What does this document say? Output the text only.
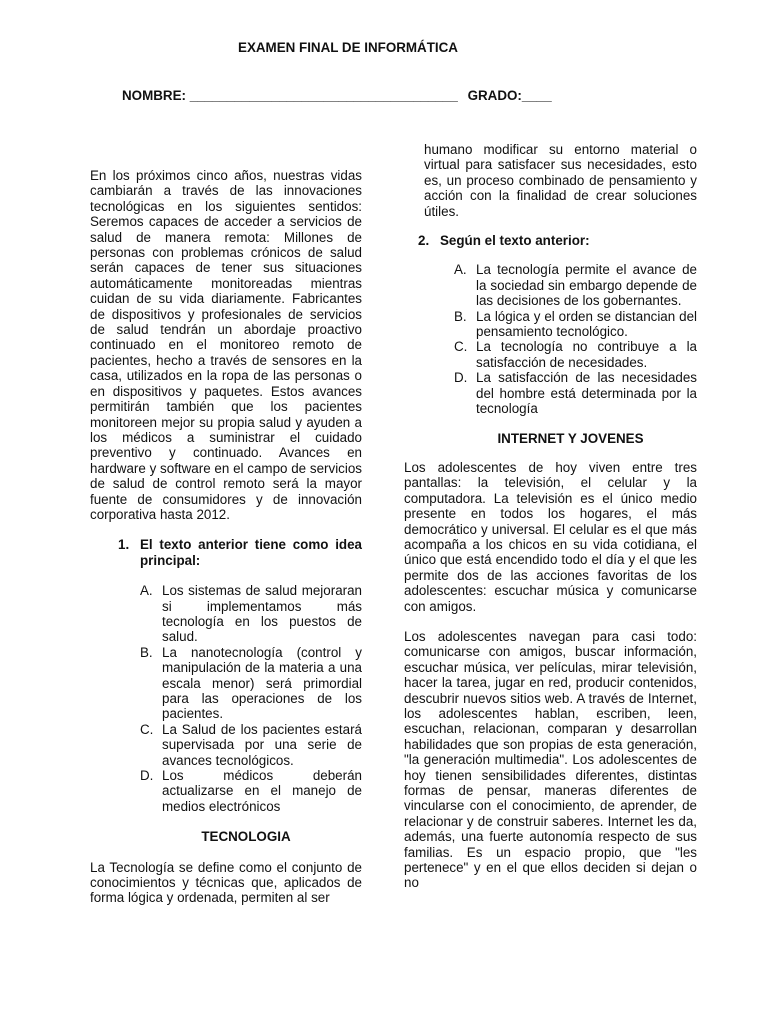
EXAMEN FINAL DE INFORMÁTICA
NOMBRE: ____________________________________ GRADO:____

En los próximos cinco años, nuestras vidas cambiarán a través de las innovaciones tecnológicas en los siguientes sentidos: Seremos capaces de acceder a servicios de salud de manera remota: Millones de personas con problemas crónicos de salud serán capaces de tener sus situaciones automáticamente monitoreadas mientras cuidan de su vida diariamente. Fabricantes de dispositivos y profesionales de servicios de salud tendrán un abordaje proactivo continuado en el monitoreo remoto de pacientes, hecho a través de sensores en la casa, utilizados en la ropa de las personas o en dispositivos y paquetes. Estos avances permitirán también que los pacientes monitoreen mejor su propia salud y ayuden a los médicos a suministrar el cuidado preventivo y continuado. Avances en hardware y software en el campo de servicios de salud de control remoto será la mayor fuente de consumidores y de innovación corporativa hasta 2012.

1. El texto anterior tiene como idea principal:
A. Los sistemas de salud mejoraran si implementamos más tecnología en los puestos de salud.
B. La nanotecnología (control y manipulación de la materia a una escala menor) será primordial para las operaciones de los pacientes.
C. La Salud de los pacientes estará supervisada por una serie de avances tecnológicos.
D. Los médicos deberán actualizarse en el manejo de medios electrónicos
TECNOLOGIA

La Tecnología se define como el conjunto de conocimientos y técnicas que, aplicados de forma lógica y ordenada, permiten al ser

humano modificar su entorno material o virtual para satisfacer sus necesidades, esto es, un proceso combinado de pensamiento y acción con la finalidad de crear soluciones útiles.

2. Según el texto anterior:
A. La tecnología permite el avance de la sociedad sin embargo depende de las decisiones de los gobernantes.
B. La lógica y el orden se distancian del pensamiento tecnológico.
C. La tecnología no contribuye a la satisfacción de necesidades.
D. La satisfacción de las necesidades del hombre está determinada por la tecnología
INTERNET Y JOVENES

Los adolescentes de hoy viven entre tres pantallas: la televisión, el celular y la computadora. La televisión es el único medio presente en todos los hogares, el más democrático y universal. El celular es el que más acompaña a los chicos en su vida cotidiana, el único que está encendido todo el día y el que les permite dos de las acciones favoritas de los adolescentes: escuchar música y comunicarse con amigos.

Los adolescentes navegan para casi todo: comunicarse con amigos, buscar información, escuchar música, ver películas, mirar televisión, hacer la tarea, jugar en red, producir contenidos, descubrir nuevos sitios web. A través de Internet, los adolescentes hablan, escriben, leen, escuchan, relacionan, comparan y desarrollan habilidades que son propias de esta generación, "la generación multimedia". Los adolescentes de hoy tienen sensibilidades diferentes, distintas formas de pensar, maneras diferentes de vincularse con el conocimiento, de aprender, de relacionar y de construir saberes. Internet les da, además, una fuerte autonomía respecto de sus familias. Es un espacio propio, que "les pertenece" y en el que ellos deciden si dejan o no
